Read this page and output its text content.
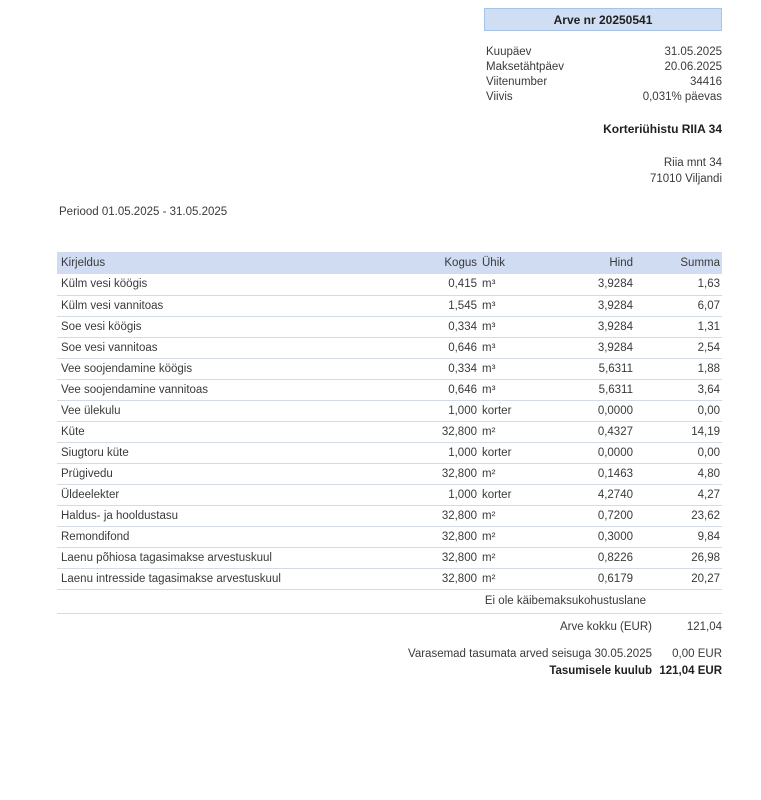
Arve nr 20250541
Kuupäev	31.05.2025
Maksetähtpäev	20.06.2025
Viitenumber	34416
Viivis	0,031% päevas
Korteriühistu RIIA 34
Riia mnt 34
71010 Viljandi
Periood 01.05.2025 - 31.05.2025
Kirjeldus	Kogus	Ühik	Hind	Summa
Külm vesi köögis	0,415	m³	3,9284	1,63
Külm vesi vannitoas	1,545	m³	3,9284	6,07
Soe vesi köögis	0,334	m³	3,9284	1,31
Soe vesi vannitoas	0,646	m³	3,9284	2,54
Vee soojendamine köögis	0,334	m³	5,6311	1,88
Vee soojendamine vannitoas	0,646	m³	5,6311	3,64
Vee ülekulu	1,000	korter	0,0000	0,00
Küte	32,800	m²	0,4327	14,19
Siugtoru küte	1,000	korter	0,0000	0,00
Prügivedu	32,800	m²	0,1463	4,80
Üldeelekter	1,000	korter	4,2740	4,27
Haldus- ja hooldustasu	32,800	m²	0,7200	23,62
Remondifond	32,800	m²	0,3000	9,84
Laenu põhiosa tagasimakse arvestuskuul	32,800	m²	0,8226	26,98
Laenu intresside tagasimakse arvestuskuul	32,800	m²	0,6179	20,27
Ei ole käibemaksukohustuslane
Arve kokku (EUR)	121,04
Varasemad tasumata arved seisuga 30.05.2025	0,00 EUR
Tasumisele kuulub 121,04 EUR
